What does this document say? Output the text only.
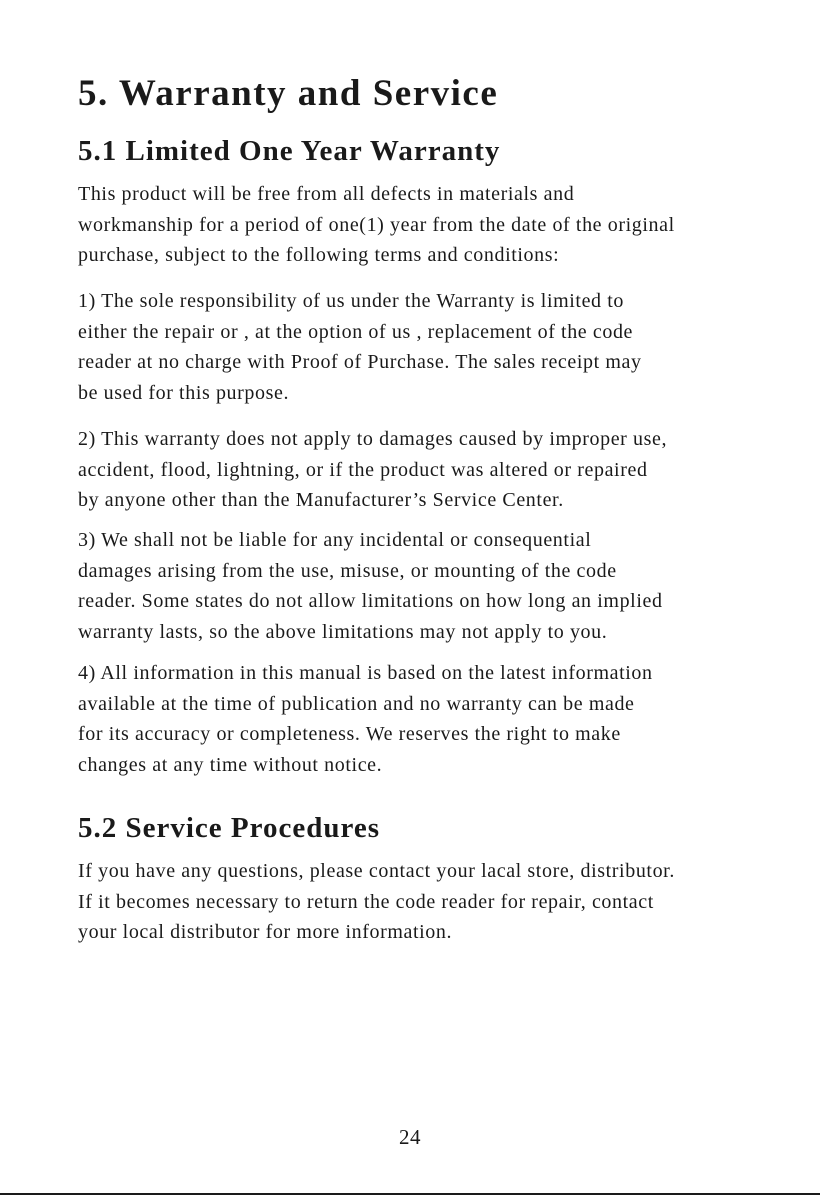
5. Warranty and Service
5.1 Limited One Year Warranty

This product will be free from all defects in materials and
workmanship for a period of one(1) year from the date of the original
purchase, subject to the following terms and conditions:

1) The sole responsibility of us under the Warranty is limited to
either the repair or , at the option of us , replacement of the code
reader at no charge with Proof of Purchase. The sales receipt may
be used for this purpose.

2) This warranty does not apply to damages caused by improper use,
accident, flood, lightning, or if the product was altered or repaired
by anyone other than the Manufacturer’s Service Center.

3) We shall not be liable for any incidental or consequential
damages arising from the use, misuse, or mounting of the code
reader. Some states do not allow limitations on how long an implied
warranty lasts, so the above limitations may not apply to you.

4) All information in this manual is based on the latest information
available at the time of publication and no warranty can be made
for its accuracy or completeness. We reserves the right to make
changes at any time without notice.

5.2 Service Procedures

If you have any questions, please contact your lacal store, distributor.
If it becomes necessary to return the code reader for repair, contact
your local distributor for more information.

24
